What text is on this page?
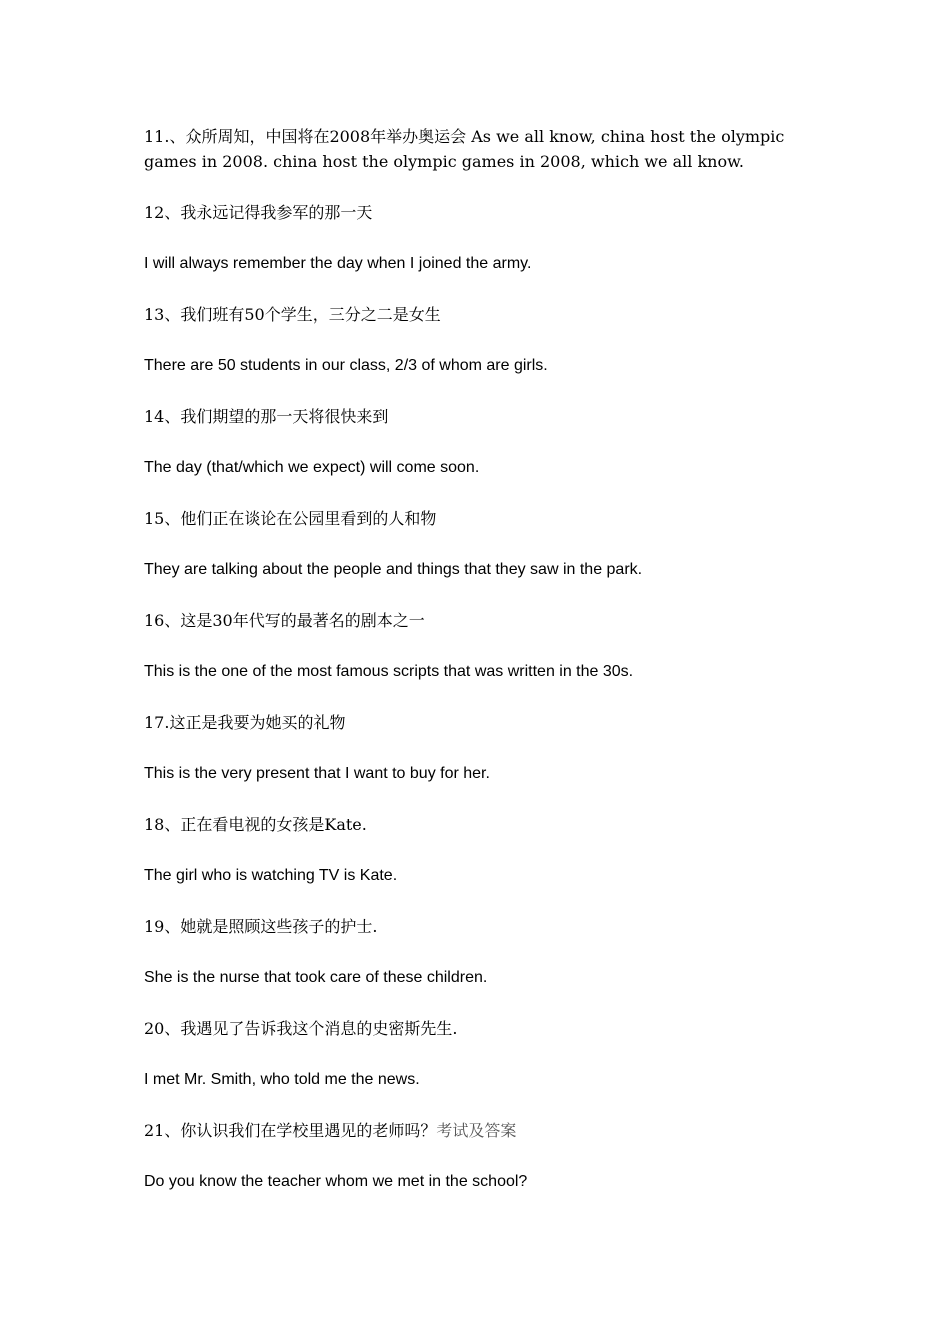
11.、众所周知，中国将在2008年举办奥运会 As we all know, china host the olympic games in 2008. china host the olympic games in 2008, which we all know.

12、我永远记得我参军的那一天

I will always remember the day when I joined the army.

13、我们班有50个学生，三分之二是女生

There are 50 students in our class, 2/3 of whom are girls.

14、我们期望的那一天将很快来到

The day (that/which we expect) will come soon.

15、他们正在谈论在公园里看到的人和物

They are talking about the people and things that they saw in the park.

16、这是30年代写的最著名的剧本之一

This is the one of the most famous scripts that was written in the 30s.

17.这正是我要为她买的礼物

This is the very present that I want to buy for her.

18、正在看电视的女孩是Kate.

The girl who is watching TV is Kate.

19、她就是照顾这些孩子的护士.

She is the nurse that took care of these children.

20、我遇见了告诉我这个消息的史密斯先生.

I met Mr. Smith, who told me the news.

21、你认识我们在学校里遇见的老师吗？考试及答案

Do you know the teacher whom we met in the school?
